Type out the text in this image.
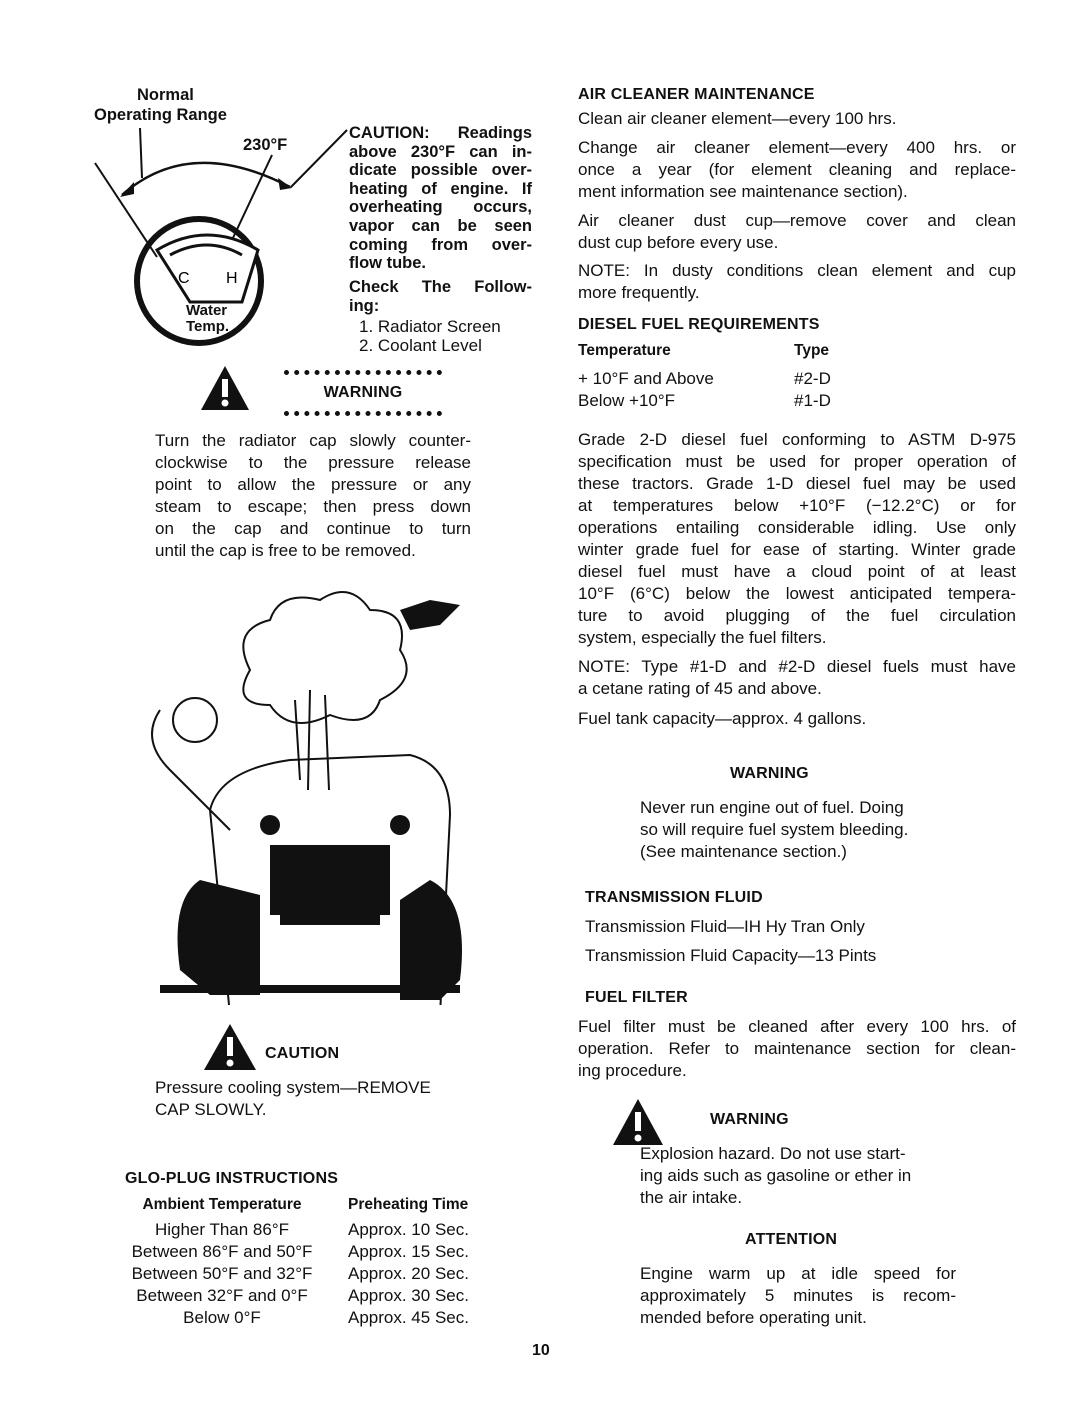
Normal
Operating Range
230°F
C H
Water
Temp.
CAUTION: Readings
above 230°F can in-
dicate possible over-
heating of engine. If
overheating occurs,
vapor can be seen
coming from over-
flow tube.
Check The Follow-
ing:
1. Radiator Screen
2. Coolant Level
WARNING
Turn the radiator cap slowly counter-
clockwise to the pressure release
point to allow the pressure or any
steam to escape; then press down
on the cap and continue to turn
until the cap is free to be removed.
CAUTION
Pressure cooling system—REMOVE
CAP SLOWLY.
GLO-PLUG INSTRUCTIONS
Ambient Temperature	Preheating Time
Higher Than 86°F	Approx. 10 Sec.
Between 86°F and 50°F	Approx. 15 Sec.
Between 50°F and 32°F	Approx. 20 Sec.
Between 32°F and 0°F	Approx. 30 Sec.
Below 0°F	Approx. 45 Sec.
AIR CLEANER MAINTENANCE
Clean air cleaner element—every 100 hrs.
Change air cleaner element—every 400 hrs. or
once a year (for element cleaning and replace-
ment information see maintenance section).
Air cleaner dust cup—remove cover and clean
dust cup before every use.
NOTE: In dusty conditions clean element and cup
more frequently.
DIESEL FUEL REQUIREMENTS
Temperature	Type
+ 10°F and Above	#2-D
Below +10°F	#1-D
Grade 2-D diesel fuel conforming to ASTM D-975
specification must be used for proper operation of
these tractors. Grade 1-D diesel fuel may be used
at temperatures below +10°F (−12.2°C) or for
operations entailing considerable idling. Use only
winter grade fuel for ease of starting. Winter grade
diesel fuel must have a cloud point of at least
10°F (6°C) below the lowest anticipated tempera-
ture to avoid plugging of the fuel circulation
system, especially the fuel filters.
NOTE: Type #1-D and #2-D diesel fuels must have
a cetane rating of 45 and above.
Fuel tank capacity—approx. 4 gallons.
WARNING
Never run engine out of fuel. Doing
so will require fuel system bleeding.
(See maintenance section.)
TRANSMISSION FLUID
Transmission Fluid—IH Hy Tran Only
Transmission Fluid Capacity—13 Pints
FUEL FILTER
Fuel filter must be cleaned after every 100 hrs. of
operation. Refer to maintenance section for clean-
ing procedure.
WARNING
Explosion hazard. Do not use start-
ing aids such as gasoline or ether in
the air intake.
ATTENTION
Engine warm up at idle speed for
approximately 5 minutes is recom-
mended before operating unit.
10
